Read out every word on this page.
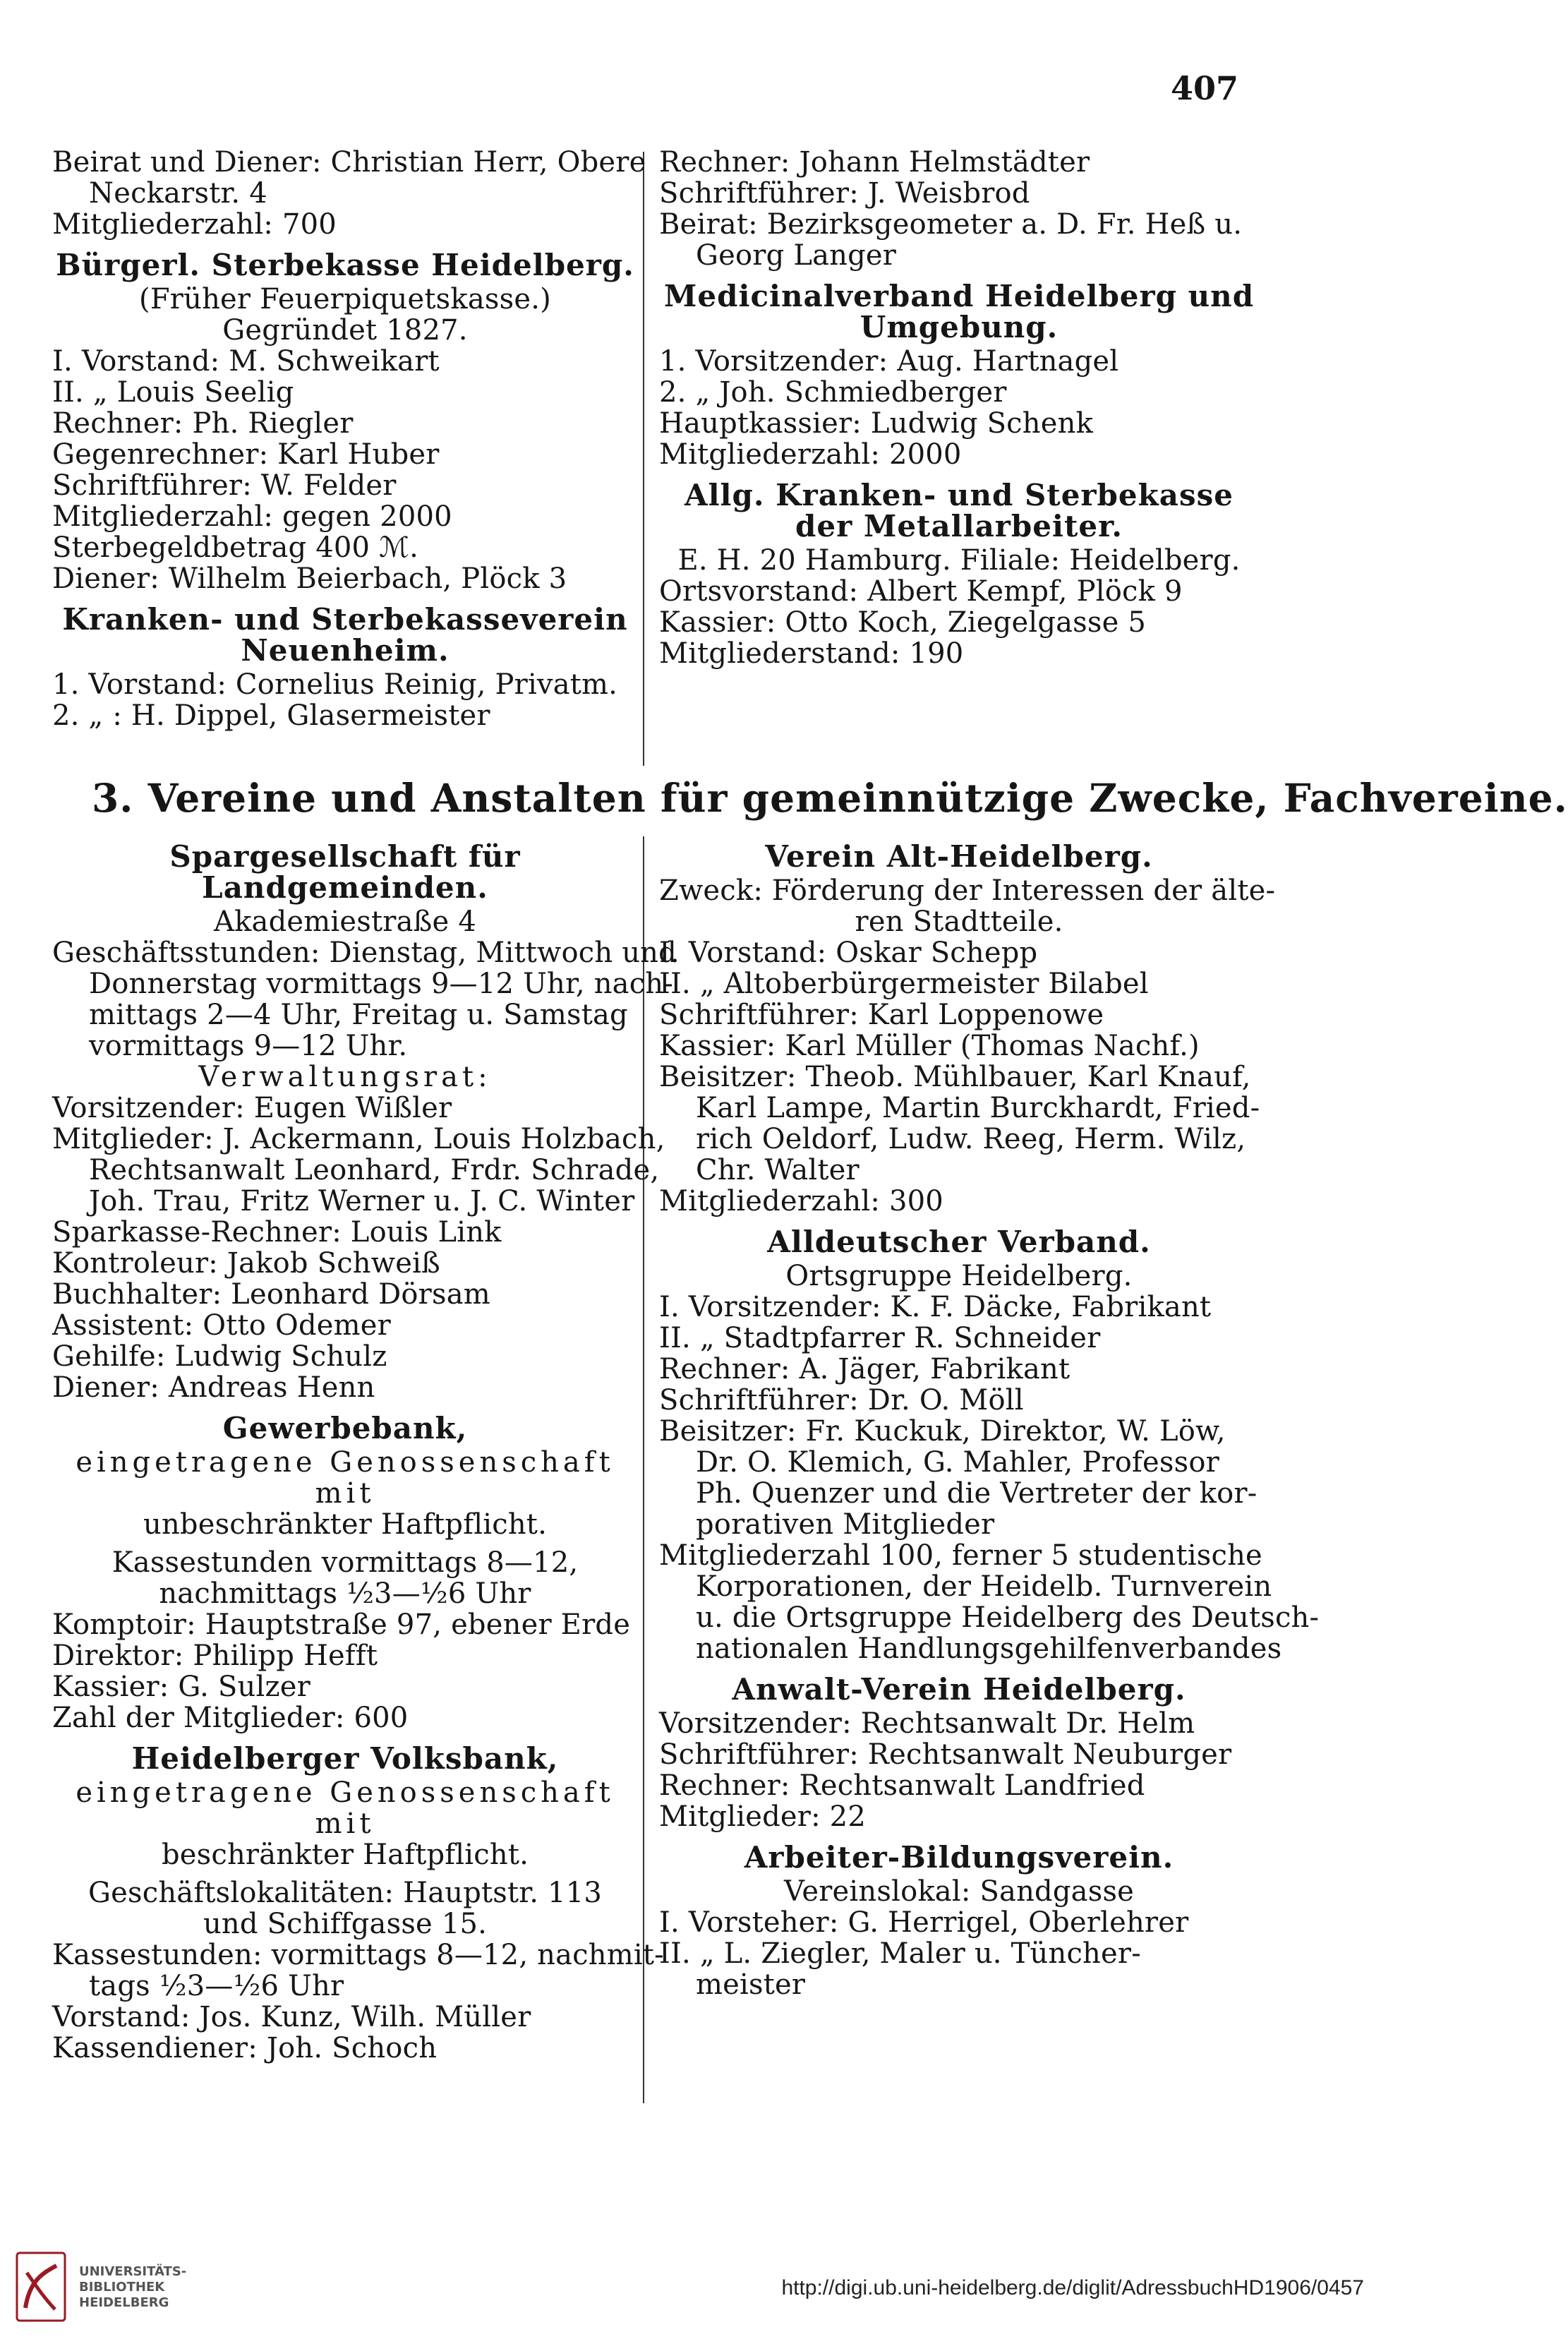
407
Beirat und Diener: Christian Herr, Obere
Neckarstr. 4
Mitgliederzahl: 700
Bürgerl. Sterbekasse Heidelberg.
(Früher Feuerpiquetskasse.)
Gegründet 1827.
I. Vorstand: M. Schweikart
II. „ Louis Seelig
Rechner: Ph. Riegler
Gegenrechner: Karl Huber
Schriftführer: W. Felder
Mitgliederzahl: gegen 2000
Sterbegeldbetrag 400 ℳ.
Diener: Wilhelm Beierbach, Plöck 3
Kranken- und Sterbekasseverein Neuenheim.
1. Vorstand: Cornelius Reinig, Privatm.
2. „ : H. Dippel, Glasermeister
Rechner: Johann Helmstädter
Schriftführer: J. Weisbrod
Beirat: Bezirksgeometer a. D. Fr. Heß u.
Georg Langer
Medicinalverband Heidelberg und Umgebung.
1. Vorsitzender: Aug. Hartnagel
2. „ Joh. Schmiedberger
Hauptkassier: Ludwig Schenk
Mitgliederzahl: 2000
Allg. Kranken- und Sterbekasse der Metallarbeiter.
E. H. 20 Hamburg. Filiale: Heidelberg.
Ortsvorstand: Albert Kempf, Plöck 9
Kassier: Otto Koch, Ziegelgasse 5
Mitgliederstand: 190
3. Vereine und Anstalten für gemeinnützige Zwecke, Fachvereine.
Spargesellschaft für Landgemeinden.
Akademiestraße 4
Geschäftsstunden: Dienstag, Mittwoch und
Donnerstag vormittags 9—12 Uhr, nach-
mittags 2—4 Uhr, Freitag u. Samstag
vormittags 9—12 Uhr.
Verwaltungsrat:
Vorsitzender: Eugen Wißler
Mitglieder: J. Ackermann, Louis Holzbach,
Rechtsanwalt Leonhard, Frdr. Schrade,
Joh. Trau, Fritz Werner u. J. C. Winter
Sparkasse-Rechner: Louis Link
Kontroleur: Jakob Schweiß
Buchhalter: Leonhard Dörsam
Assistent: Otto Odemer
Gehilfe: Ludwig Schulz
Diener: Andreas Henn
Gewerbebank,
eingetragene Genossenschaft mit
unbeschränkter Haftpflicht.
Kassestunden vormittags 8—12,
nachmittags ½3—½6 Uhr
Komptoir: Hauptstraße 97, ebener Erde
Direktor: Philipp Hefft
Kassier: G. Sulzer
Zahl der Mitglieder: 600
Heidelberger Volksbank,
eingetragene Genossenschaft mit
beschränkter Haftpflicht.
Geschäftslokalitäten: Hauptstr. 113
und Schiffgasse 15.
Kassestunden: vormittags 8—12, nachmit-
tags ½3—½6 Uhr
Vorstand: Jos. Kunz, Wilh. Müller
Kassendiener: Joh. Schoch
Verein Alt-Heidelberg.
Zweck: Förderung der Interessen der älte-
ren Stadtteile.
I. Vorstand: Oskar Schepp
II. „ Altoberbürgermeister Bilabel
Schriftführer: Karl Loppenowe
Kassier: Karl Müller (Thomas Nachf.)
Beisitzer: Theob. Mühlbauer, Karl Knauf,
Karl Lampe, Martin Burckhardt, Fried-
rich Oeldorf, Ludw. Reeg, Herm. Wilz,
Chr. Walter
Mitgliederzahl: 300
Alldeutscher Verband.
Ortsgruppe Heidelberg.
I. Vorsitzender: K. F. Däcke, Fabrikant
II. „ Stadtpfarrer R. Schneider
Rechner: A. Jäger, Fabrikant
Schriftführer: Dr. O. Möll
Beisitzer: Fr. Kuckuk, Direktor, W. Löw,
Dr. O. Klemich, G. Mahler, Professor
Ph. Quenzer und die Vertreter der kor-
porativen Mitglieder
Mitgliederzahl 100, ferner 5 studentische
Korporationen, der Heidelb. Turnverein
u. die Ortsgruppe Heidelberg des Deutsch-
nationalen Handlungsgehilfenverbandes
Anwalt-Verein Heidelberg.
Vorsitzender: Rechtsanwalt Dr. Helm
Schriftführer: Rechtsanwalt Neuburger
Rechner: Rechtsanwalt Landfried
Mitglieder: 22
Arbeiter-Bildungsverein.
Vereinslokal: Sandgasse
I. Vorsteher: G. Herrigel, Oberlehrer
II. „ L. Ziegler, Maler u. Tüncher-
meister
UNIVERSITÄTS-
BIBLIOTHEK
HEIDELBERG
http://digi.ub.uni-heidelberg.de/diglit/AdressbuchHD1906/0457
